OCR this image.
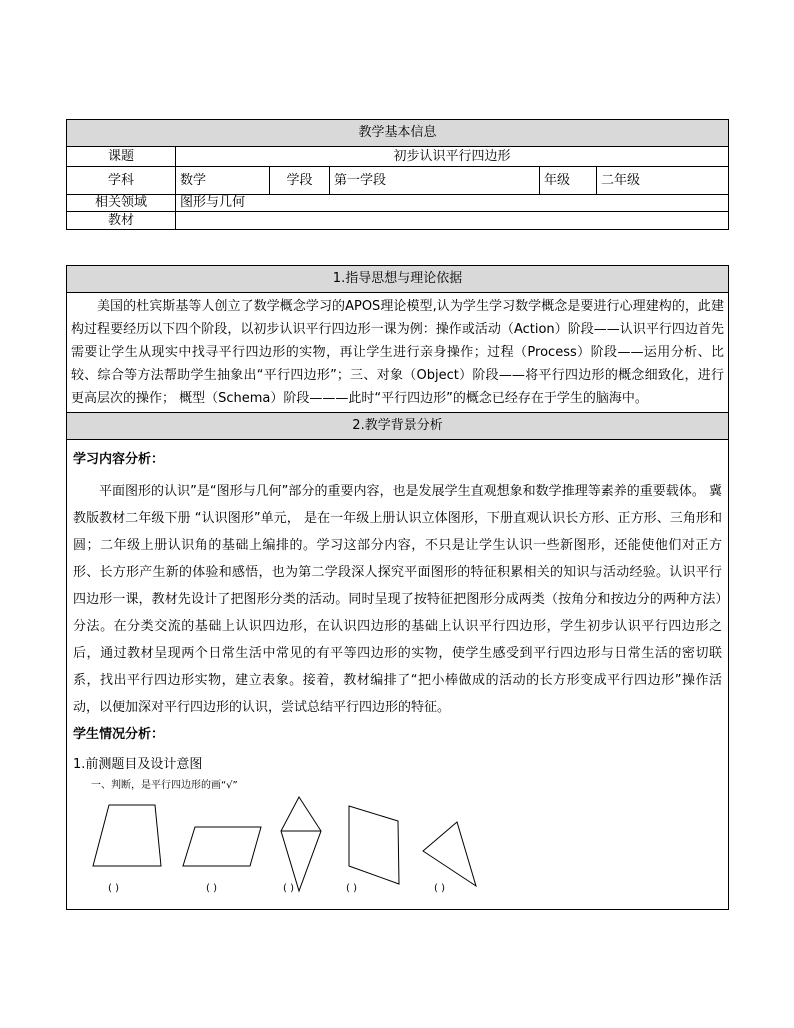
教学基本信息					
课题	初步认识平行四边形				
学科	数学	学段	第一学段	年级	二年级
相关领域	图形与几何				
教材					
1.指导思想与理论依据
美国的杜宾斯基等人创立了数学概念学习的APOS理论模型,认为学生学习数学概念是要进行心理建构的，此建构过程要经历以下四个阶段，以初步认识平行四边形一课为例：操作或活动（Action）阶段——认识平行四边首先需要让学生从现实中找寻平行四边形的实物，再让学生进行亲身操作；过程（Process）阶段——运用分析、比较、综合等方法帮助学生抽象出“平行四边形”；三、对象（Object）阶段——将平行四边形的概念细致化，进行更高层次的操作； 概型（Schema）阶段———此时“平行四边形”的概念已经存在于学生的脑海中。
2.教学背景分析

学习内容分析：

平面图形的认识”是“图形与几何”部分的重要内容，也是发展学生直观想象和数学推理等素养的重要载体。 冀教版教材二年级下册 “认识图形”单元， 是在一年级上册认识立体图形，下册直观认识长方形、正方形、三角形和圆；二年级上册认识角的基础上编排的。学习这部分内容，不只是让学生认识一些新图形，还能使他们对正方形、长方形产生新的体验和感悟，也为第二学段深人探究平面图形的特征积累相关的知识与活动经验。认识平行四边形一课，教材先设计了把图形分类的活动。同时呈现了按特征把图形分成两类（按角分和按边分的两种方法）分法。在分类交流的基础上认识四边形，在认识四边形的基础上认识平行四边形，学生初步认识平行四边形之后，通过教材呈现两个日常生活中常见的有平等四边形的实物，使学生感受到平行四边形与日常生活的密切联系，找出平行四边形实物，建立表象。接着，教材编排了“把小棒做成的活动的长方形变成平行四边形”操作活动，以便加深对平行四边形的认识，尝试总结平行四边形的特征。

学生情况分析：
1.前测题目及设计意图
一、判断，是平行四边形的画“√”
( )	( )	( )	( )	( )
